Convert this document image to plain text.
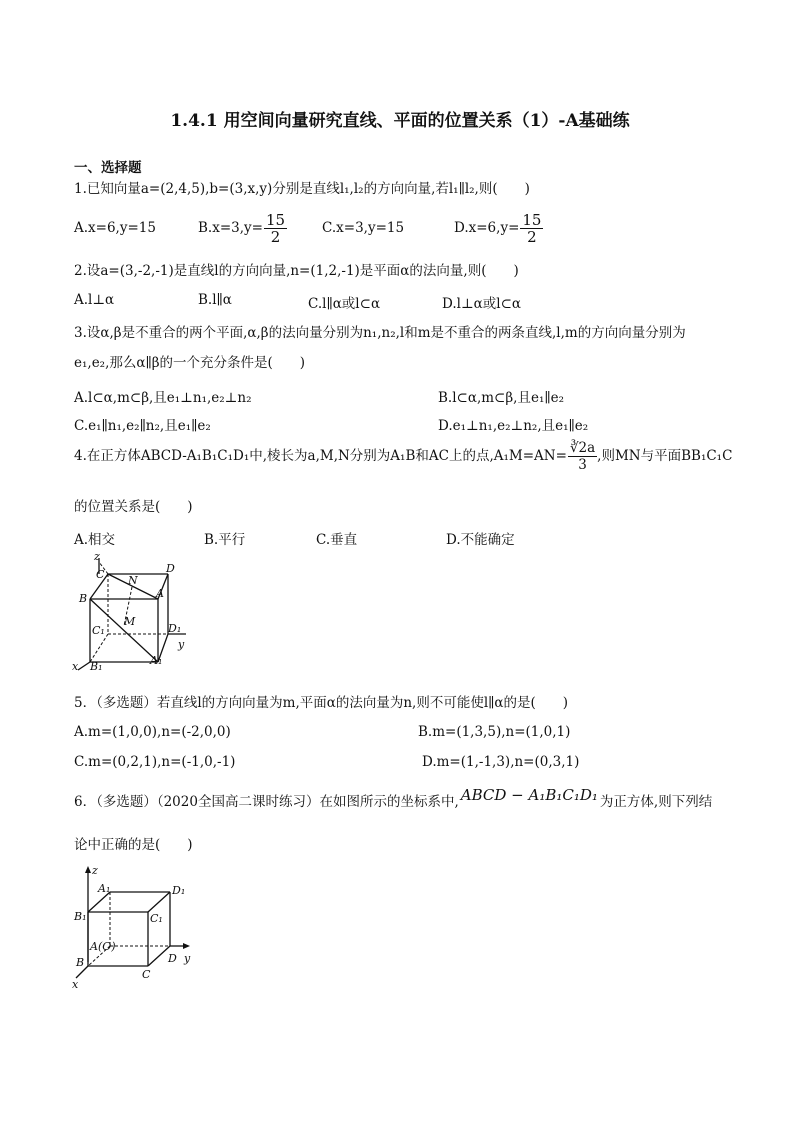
1.4.1 用空间向量研究直线、平面的位置关系（1）-A基础练
一、选择题
1.已知向量a=(2,4,5),b=(3,x,y)分别是直线l₁,l₂的方向向量,若l₁∥l₂,则(　　)
A.x=6,y=15	$B.x=3,y= \frac{15}{2}$	C.x=3,y=15	$D.x=6,y= \frac{15}{2}$
2.设a=(3,-2,-1)是直线l的方向向量,n=(1,2,-1)是平面α的法向量,则(　　)
A.l⊥α	B.l∥α	C.l∥α或l⊂α	D.l⊥α或l⊂α
3.设α,β是不重合的两个平面,α,β的法向量分别为n₁,n₂,l和m是不重合的两条直线,l,m的方向向量分别为
e₁,e₂,那么α∥β的一个充分条件是(　　)
A.l⊂α,m⊂β,且e₁⊥n₁,e₂⊥n₂	B.l⊂α,m⊂β,且e₁∥e₂
C.e₁∥n₁,e₂∥n₂,且e₁∥e₂	D.e₁⊥n₁,e₂⊥n₂,且e₁∥e₂
4.在正方体ABCD-A₁B₁C₁D₁中,棱长为a,M,N分别为A₁B和AC上的点$,A_1M=AN= \frac{∛2a}{3}$ ,则MN与平面BB₁C₁C
的位置关系是(　　)
A.相交	B.平行	C.垂直	D.不能确定
z
C N
D
B	A
M
C₁	D₁
y
B₁	A₁
x
5．（多选题）若直线l的方向向量为m,平面α的法向量为n,则不可能使l∥α的是(　　)
A.m=(1,0,0),n=(-2,0,0)	B.m=(1,3,5),n=(1,0,1)
C.m=(0,2,1),n=(-1,0,-1)	D.m=(1,-1,3),n=(0,3,1)
6．（多选题）（2020全国高二课时练习）在如图所示的坐标系中, ABCD − A₁B₁C₁D₁ 为正方体,则下列结
论中正确的是(　　)
z
A₁	D₁
B₁	C₁
A(O)
B	D y
C
x
